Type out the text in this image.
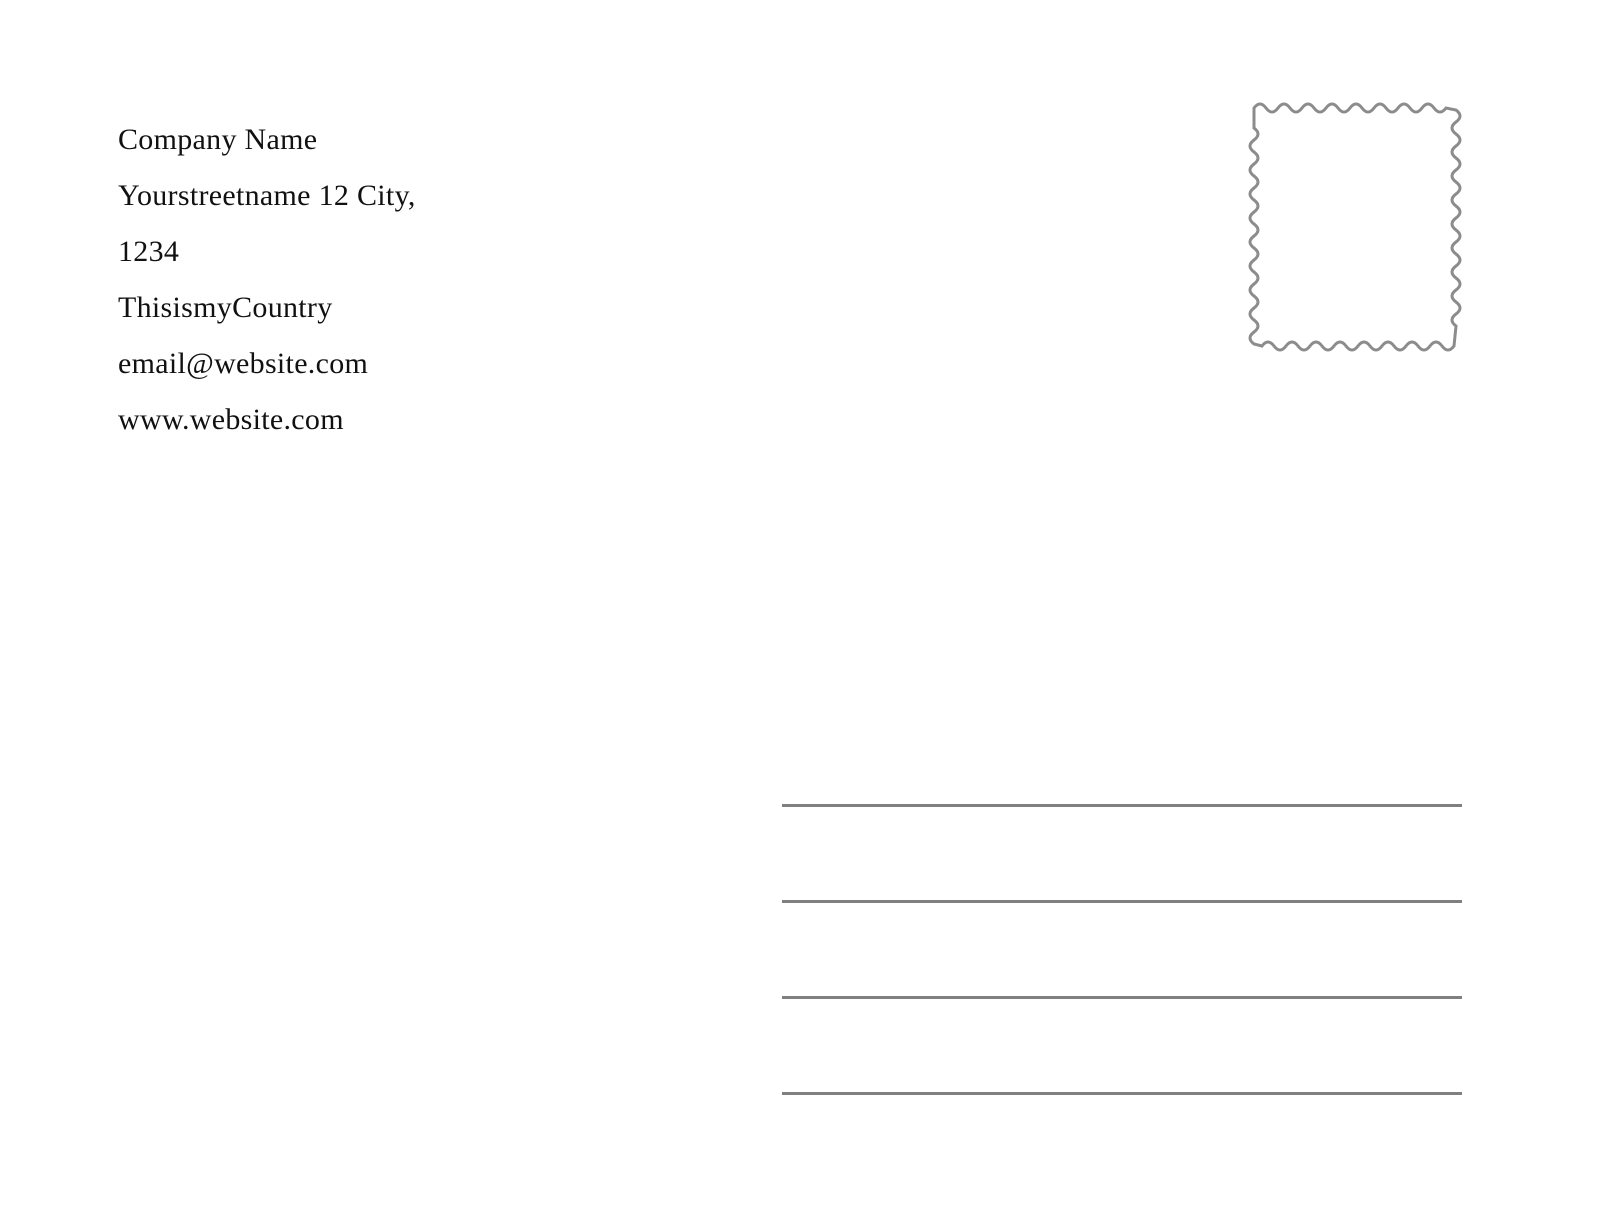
Company Name
Yourstreetname 12 City,
1234
ThisismyCountry
email@website.com
www.website.com
